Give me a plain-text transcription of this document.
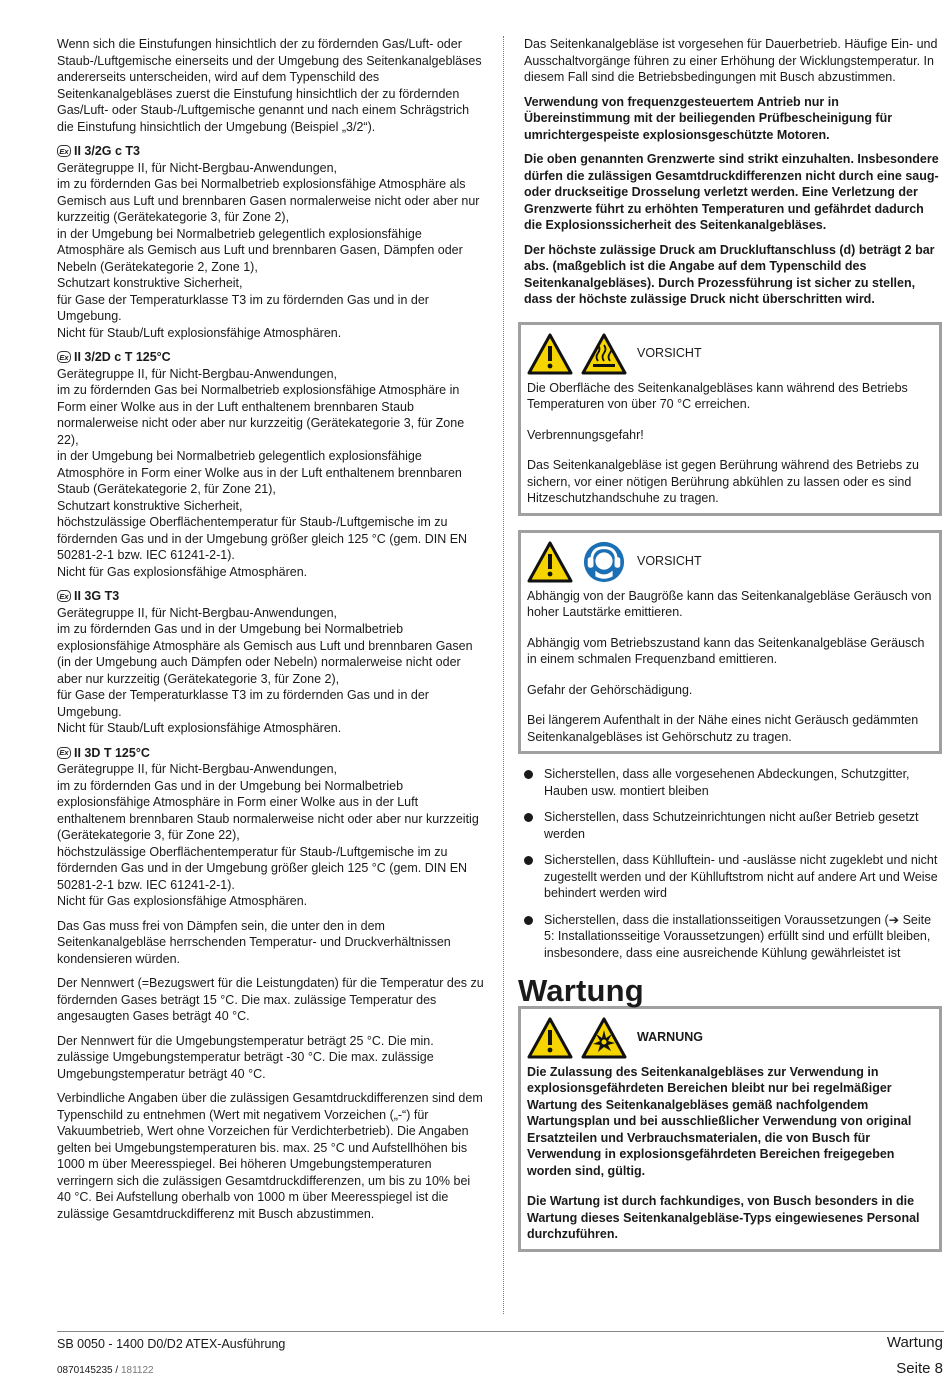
Wenn sich die Einstufungen hinsichtlich der zu fördernden Gas/Luft- oder Staub-/Luftgemische einerseits und der Umgebung des Seitenkanalgebläses andererseits unterscheiden, wird auf dem Typenschild des Seitenkanalgebläses zuerst die Einstufung hinsichtlich der zu fördernden Gas/Luft- oder Staub-/Luftgemische genannt und nach einem Schrägstrich die Einstufung hinsichtlich der Umgebung (Beispiel „3/2“).

Ex II 3/2G c T3
Gerätegruppe II, für Nicht-Bergbau-Anwendungen,
im zu fördernden Gas bei Normalbetrieb explosionsfähige Atmosphäre als Gemisch aus Luft und brennbaren Gasen normalerweise nicht oder aber nur kurzzeitig (Gerätekategorie 3, für Zone 2),
in der Umgebung bei Normalbetrieb gelegentlich explosionsfähige Atmosphäre als Gemisch aus Luft und brennbaren Gasen, Dämpfen oder Nebeln (Gerätekategorie 2, Zone 1),
Schutzart konstruktive Sicherheit,
für Gase der Temperaturklasse T3 im zu fördernden Gas und in der Umgebung.
Nicht für Staub/Luft explosionsfähige Atmosphären.
Ex II 3/2D c T 125°C
Gerätegruppe II, für Nicht-Bergbau-Anwendungen,
im zu fördernden Gas bei Normalbetrieb explosionsfähige Atmosphäre in Form einer Wolke aus in der Luft enthaltenem brennbaren Staub normalerweise nicht oder aber nur kurzzeitig (Gerätekategorie 3, für Zone 22),
in der Umgebung bei Normalbetrieb gelegentlich explosionsfähige Atmosphöre in Form einer Wolke aus in der Luft enthaltenem brennbaren Staub (Gerätekategorie 2, für Zone 21),
Schutzart konstruktive Sicherheit,
höchstzulässige Oberflächentemperatur für Staub-/Luftgemische im zu fördernden Gas und in der Umgebung größer gleich 125 °C (gem. DIN EN 50281-2-1 bzw. IEC 61241-2-1).
Nicht für Gas explosionsfähige Atmosphären.
Ex II 3G T3
Gerätegruppe II, für Nicht-Bergbau-Anwendungen,
im zu fördernden Gas und in der Umgebung bei Normalbetrieb explosionsfähige Atmosphäre als Gemisch aus Luft und brennbaren Gasen (in der Umgebung auch Dämpfen oder Nebeln) normalerweise nicht oder aber nur kurzzeitig (Gerätekategorie 3, für Zone 2),
für Gase der Temperaturklasse T3 im zu fördernden Gas und in der Umgebung.
Nicht für Staub/Luft explosionsfähige Atmosphären.
Ex II 3D T 125°C
Gerätegruppe II, für Nicht-Bergbau-Anwendungen,
im zu fördernden Gas und in der Umgebung bei Normalbetrieb explosionsfähige Atmosphäre in Form einer Wolke aus in der Luft enthaltenem brennbaren Staub normalerweise nicht oder aber nur kurzzeitig (Gerätekategorie 3, für Zone 22),
höchstzulässige Oberflächentemperatur für Staub-/Luftgemische im zu fördernden Gas und in der Umgebung größer gleich 125 °C (gem. DIN EN 50281-2-1 bzw. IEC 61241-2-1).
Nicht für Gas explosionsfähige Atmosphären.

Das Gas muss frei von Dämpfen sein, die unter den in dem Seitenkanalgebläse herrschenden Temperatur- und Druckverhältnissen kondensieren würden.

Der Nennwert (=Bezugswert für die Leistungdaten) für die Temperatur des zu fördernden Gases beträgt 15 °C. Die max. zulässige Temperatur des angesaugten Gases beträgt 40 °C.

Der Nennwert für die Umgebungstemperatur beträgt 25 °C. Die min. zulässige Umgebungstemperatur beträgt -30 °C. Die max. zulässige Umgebungstemperatur beträgt 40 °C.

Verbindliche Angaben über die zulässigen Gesamtdruckdifferenzen sind dem Typenschild zu entnehmen (Wert mit negativem Vorzeichen („-“) für Vakuumbetrieb, Wert ohne Vorzeichen für Verdichterbetrieb). Die Angaben gelten bei Umgebungstemperaturen bis. max. 25 °C und Aufstellhöhen bis 1000 m über Meeresspiegel. Bei höheren Umgebungstemperaturen verringern sich die zulässigen Gesamtdruckdifferenzen, um bis zu 10% bei 40 °C. Bei Aufstellung oberhalb von 1000 m über Meeresspiegel ist die zulässige Gesamtdruckdifferenz mit Busch abzustimmen.

Das Seitenkanalgebläse ist vorgesehen für Dauerbetrieb. Häufige Ein- und Ausschaltvorgänge führen zu einer Erhöhung der Wicklungstemperatur. In diesem Fall sind die Betriebsbedingungen mit Busch abzustimmen.

Verwendung von frequenzgesteuertem Antrieb nur in Übereinstimmung mit der beiliegenden Prüfbescheinigung für umrichtergespeiste explosionsgeschützte Motoren.

Die oben genannten Grenzwerte sind strikt einzuhalten. Insbesondere dürfen die zulässigen Gesamtdruckdifferenzen nicht durch eine saug-oder druckseitige Drosselung verletzt werden. Eine Verletzung der Grenzwerte führt zu erhöhten Temperaturen und gefährdet dadurch die Explosionssicherheit des Seitenkanalgebläses.

Der höchste zulässige Druck am Druckluftanschluss (d) beträgt 2 bar abs. (maßgeblich ist die Angabe auf dem Typenschild des Seitenkanalgebläses). Durch Prozessführung ist sicher zu stellen, dass der höchste zulässige Druck nicht überschritten wird.

VORSICHT

Die Oberfläche des Seitenkanalgebläses kann während des Betriebs Temperaturen von über 70 °C erreichen.

Verbrennungsgefahr!

Das Seitenkanalgebläse ist gegen Berührung während des Betriebs zu sichern, vor einer nötigen Berührung abkühlen zu lassen oder es sind Hitzeschutzhandschuhe zu tragen.

VORSICHT

Abhängig von der Baugröße kann das Seitenkanalgebläse Geräusch von hoher Lautstärke emittieren.

Abhängig vom Betriebszustand kann das Seitenkanalgebläse Geräusch in einem schmalen Frequenzband emittieren.

Gefahr der Gehörschädigung.

Bei längerem Aufenthalt in der Nähe eines nicht Geräusch gedämmten Seitenkanalgebläses ist Gehörschutz zu tragen.

Sicherstellen, dass alle vorgesehenen Abdeckungen, Schutzgitter, Hauben usw. montiert bleiben
Sicherstellen, dass Schutzeinrichtungen nicht außer Betrieb gesetzt werden
Sicherstellen, dass Kühlluftein- und -auslässe nicht zugeklebt und nicht zugestellt werden und der Kühlluftstrom nicht auf andere Art und Weise behindert werden wird
Sicherstellen, dass die installationsseitigen Voraussetzungen (➔ Seite 5: Installationsseitige Voraussetzungen) erfüllt sind und erfüllt bleiben, insbesondere, dass eine ausreichende Kühlung gewährleistet ist
Wartung
WARNUNG

Die Zulassung des Seitenkanalgebläses zur Verwendung in explosionsgefährdeten Bereichen bleibt nur bei regelmäßiger Wartung des Seitenkanalgebläses gemäß nachfolgendem Wartungsplan und bei ausschließlicher Verwendung von original Ersatzteilen und Verbrauchsmaterialen, die von Busch für Verwendung in explosionsgefährdeten Bereichen freigegeben worden sind, gültig.

Die Wartung ist durch fachkundiges, von Busch besonders in die Wartung dieses Seitenkanalgebläse-Typs eingewiesenes Personal durchzuführen.

SB 0050 - 1400 D0/D2 ATEX-Ausführung
0870145235 / 181122
Wartung
Seite 8
